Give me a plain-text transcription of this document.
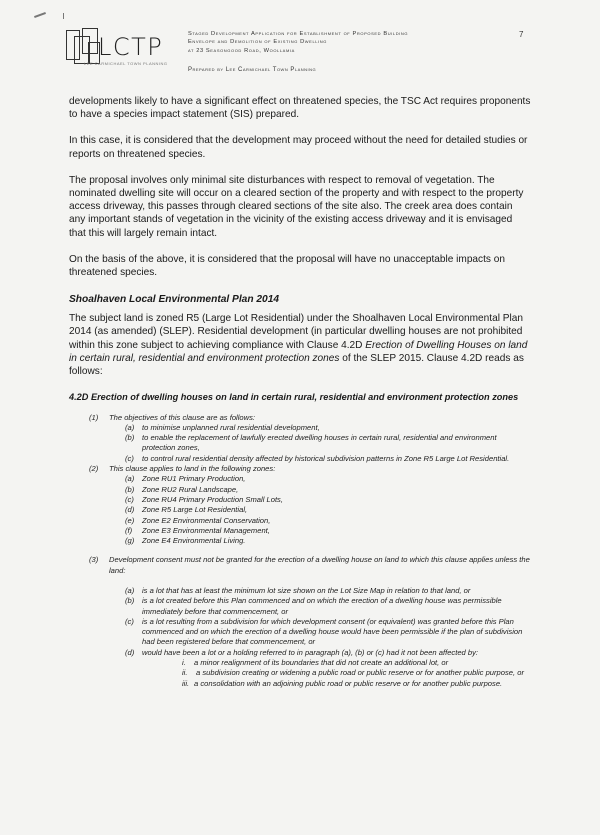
LCTP
LEE CARMICHAEL TOWN PLANNING
Staged Development Application for Establishment of Proposed Building
Envelope and Demolition of Existing Dwelling
at 23 Seasongood Road, Woollamia
Prepared by Lee Carmichael Town Planning
7

developments likely to have a significant effect on threatened species, the TSC Act requires proponents to have a species impact statement (SIS) prepared.

In this case, it is considered that the development may proceed without the need for detailed studies or reports on threatened species.

The proposal involves only minimal site disturbances with respect to removal of vegetation. The nominated dwelling site will occur on a cleared section of the property and with respect to the property access driveway, this passes through cleared sections of the site also. The creek area does contain any important stands of vegetation in the vicinity of the existing access driveway and it is envisaged that this will largely remain intact.

On the basis of the above, it is considered that the proposal will have no unacceptable impacts on threatened species.

Shoalhaven Local Environmental Plan 2014

The subject land is zoned R5 (Large Lot Residential) under the Shoalhaven Local Environmental Plan 2014 (as amended) (SLEP). Residential development (in particular dwelling houses are not prohibited within this zone subject to achieving compliance with Clause 4.2D Erection of Dwelling Houses on land in certain rural, residential and environment protection zones of the SLEP 2015. Clause 4.2D reads as follows:

4.2D Erection of dwelling houses on land in certain rural, residential and environment protection zones
(1)	The objectives of this clause are as follows:
(a)	to minimise unplanned rural residential development,
(b)	to enable the replacement of lawfully erected dwelling houses in certain rural, residential and environment protection zones,
(c)	to control rural residential density affected by historical subdivision patterns in Zone R5 Large Lot Residential.
(2)	This clause applies to land in the following zones:
(a)	Zone RU1 Primary Production,
(b)	Zone RU2 Rural Landscape,
(c)	Zone RU4 Primary Production Small Lots,
(d)	Zone R5 Large Lot Residential,
(e)	Zone E2 Environmental Conservation,
(f)	Zone E3 Environmental Management,
(g)	Zone E4 Environmental Living.
(3)	Development consent must not be granted for the erection of a dwelling house on land to which this clause applies unless the land:
(a)	is a lot that has at least the minimum lot size shown on the Lot Size Map in relation to that land, or
(b)	is a lot created before this Plan commenced and on which the erection of a dwelling house was permissible immediately before that commencement, or
(c)	is a lot resulting from a subdivision for which development consent (or equivalent) was granted before this Plan commenced and on which the erection of a dwelling house would have been permissible if the plan of subdivision had been registered before that commencement, or
(d)	would have been a lot or a holding referred to in paragraph (a), (b) or (c) had it not been affected by:
i.	a minor realignment of its boundaries that did not create an additional lot, or
ii.	a subdivision creating or widening a public road or public reserve or for another public purpose, or
iii. a consolidation with an adjoining public road or public reserve or for another public purpose.
